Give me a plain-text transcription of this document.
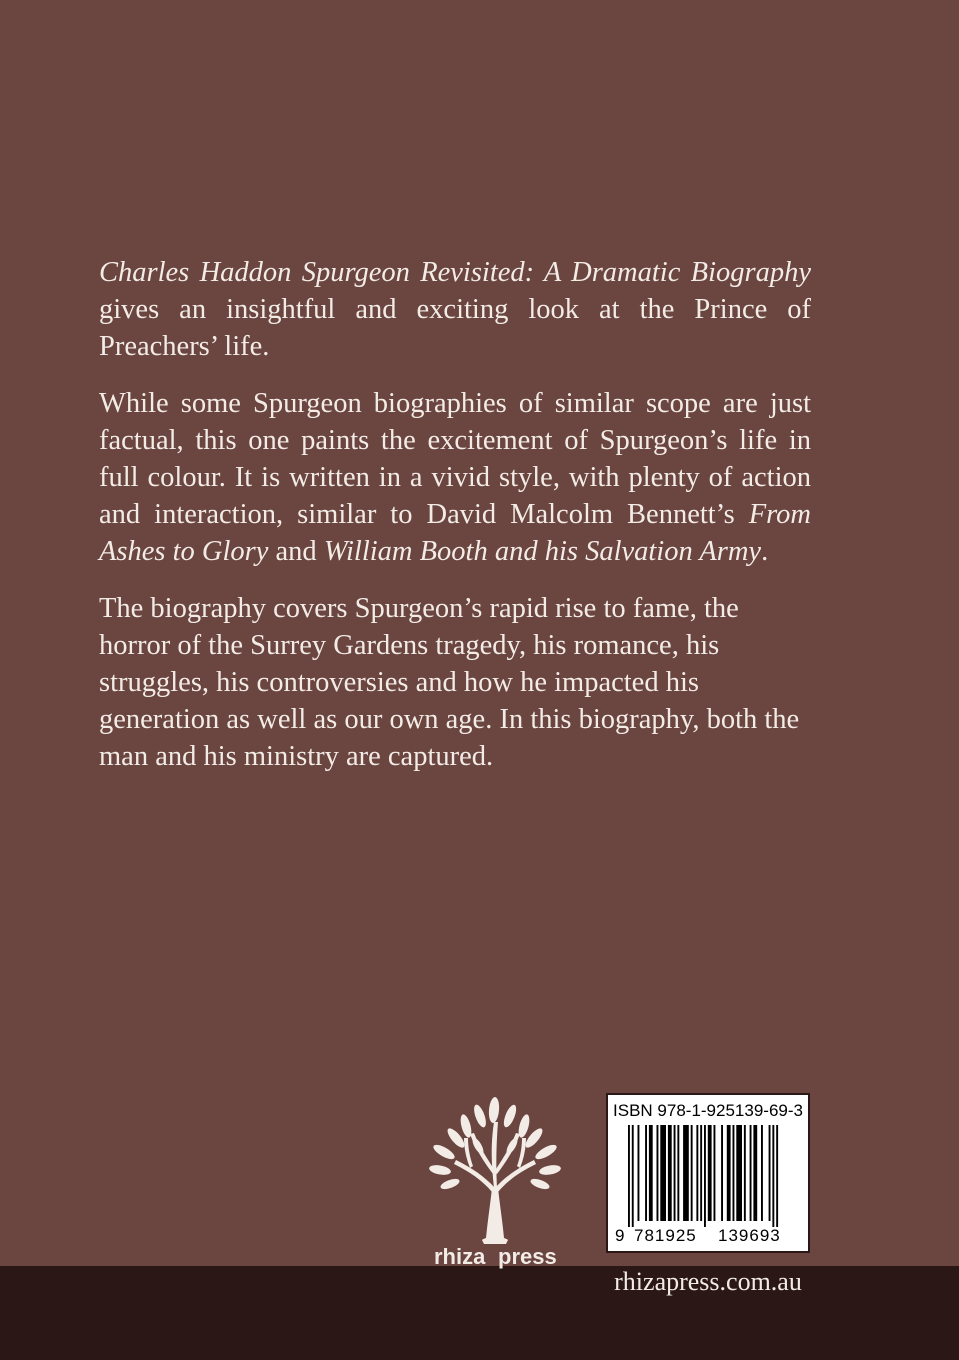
Charles Haddon Spurgeon Revisited: A Dramatic Biography gives an insightful and exciting look at the Prince of Preachers’ life.

While some Spurgeon biographies of similar scope are just factual, this one paints the excitement of Spurgeon’s life in full colour. It is written in a vivid style, with plenty of action and interaction, similar to David Malcolm Bennett’s From Ashes to Glory and William Booth and his Salvation Army.

The biography covers Spurgeon’s rapid rise to fame, the horror of the Surrey Gardens tragedy, his romance, his struggles, his controversies and how he impacted his generation as well as our own age. In this biography, both the man and his ministry are captured.

rhiza press
ISBN 978-1-925139-69-3
9 781925 139693
rhizapress.com.au
